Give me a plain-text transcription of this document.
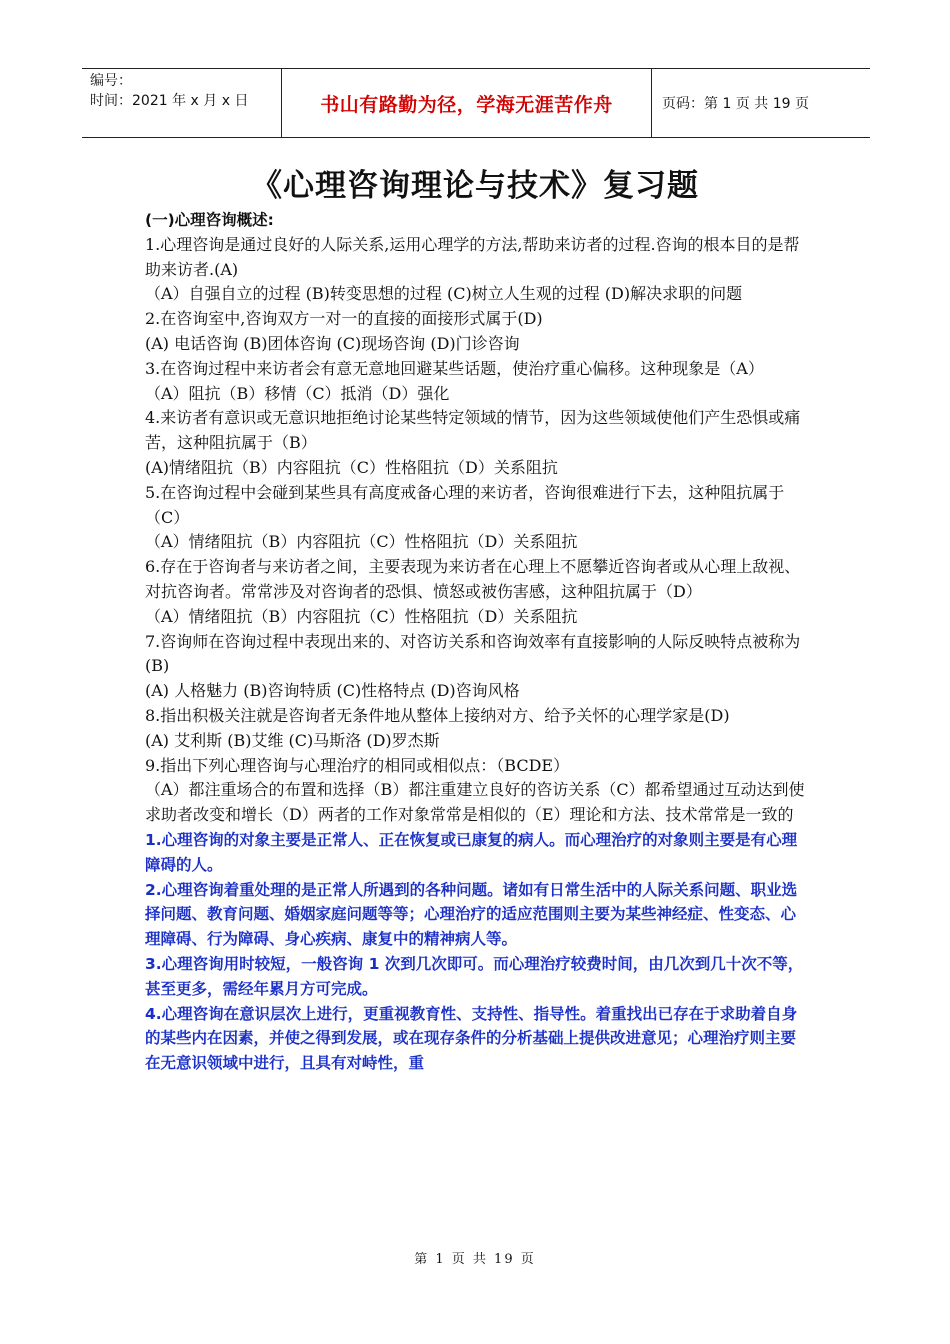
编号：
时间：2021 年 x 月 x 日	书山有路勤为径，学海无涯苦作舟	页码：第 1 页 共 19 页
《心理咨询理论与技术》复习题

(一)心理咨询概述:

1.心理咨询是通过良好的人际关系,运用心理学的方法,帮助来访者的过程.咨询的根本目的是帮助来访者.(A)

（A）自强自立的过程 (B)转变思想的过程 (C)树立人生观的过程 (D)解决求职的问题

2.在咨询室中,咨询双方一对一的直接的面接形式属于(D)

(A) 电话咨询 (B)团体咨询 (C)现场咨询 (D)门诊咨询

3.在咨询过程中来访者会有意无意地回避某些话题，使治疗重心偏移。这种现象是（A）

（A）阻抗（B）移情（C）抵消（D）强化

4.来访者有意识或无意识地拒绝讨论某些特定领域的情节，因为这些领域使他们产生恐惧或痛苦，这种阻抗属于（B）

(A)情绪阻抗（B）内容阻抗（C）性格阻抗（D）关系阻抗

5.在咨询过程中会碰到某些具有高度戒备心理的来访者，咨询很难进行下去，这种阻抗属于（C）

（A）情绪阻抗（B）内容阻抗（C）性格阻抗（D）关系阻抗

6.存在于咨询者与来访者之间，主要表现为来访者在心理上不愿攀近咨询者或从心理上敌视、对抗咨询者。常常涉及对咨询者的恐惧、愤怒或被伤害感，这种阻抗属于（D）

（A）情绪阻抗（B）内容阻抗（C）性格阻抗（D）关系阻抗

7.咨询师在咨询过程中表现出来的、对咨访关系和咨询效率有直接影响的人际反映特点被称为(B)

(A) 人格魅力 (B)咨询特质 (C)性格特点 (D)咨询风格

8.指出积极关注就是咨询者无条件地从整体上接纳对方、给予关怀的心理学家是(D)

(A) 艾利斯 (B)艾维 (C)马斯洛 (D)罗杰斯

9.指出下列心理咨询与心理治疗的相同或相似点：（BCDE）

（A）都注重场合的布置和选择（B）都注重建立良好的咨访关系（C）都希望通过互动达到使求助者改变和增长（D）两者的工作对象常常是相似的（E）理论和方法、技术常常是一致的

1.心理咨询的对象主要是正常人、正在恢复或已康复的病人。而心理治疗的对象则主要是有心理障碍的人。

2.心理咨询着重处理的是正常人所遇到的各种问题。诸如有日常生活中的人际关系问题、职业选择问题、教育问题、婚姻家庭问题等等；心理治疗的适应范围则主要为某些神经症、性变态、心理障碍、行为障碍、身心疾病、康复中的精神病人等。

3.心理咨询用时较短，一般咨询 1 次到几次即可。而心理治疗较费时间，由几次到几十次不等，甚至更多，需经年累月方可完成。

4.心理咨询在意识层次上进行，更重视教育性、支持性、指导性。着重找出已存在于求助着自身的某些内在因素，并使之得到发展，或在现存条件的分析基础上提供改进意见；心理治疗则主要在无意识领域中进行，且具有对峙性，重

第 1 页 共 19 页
